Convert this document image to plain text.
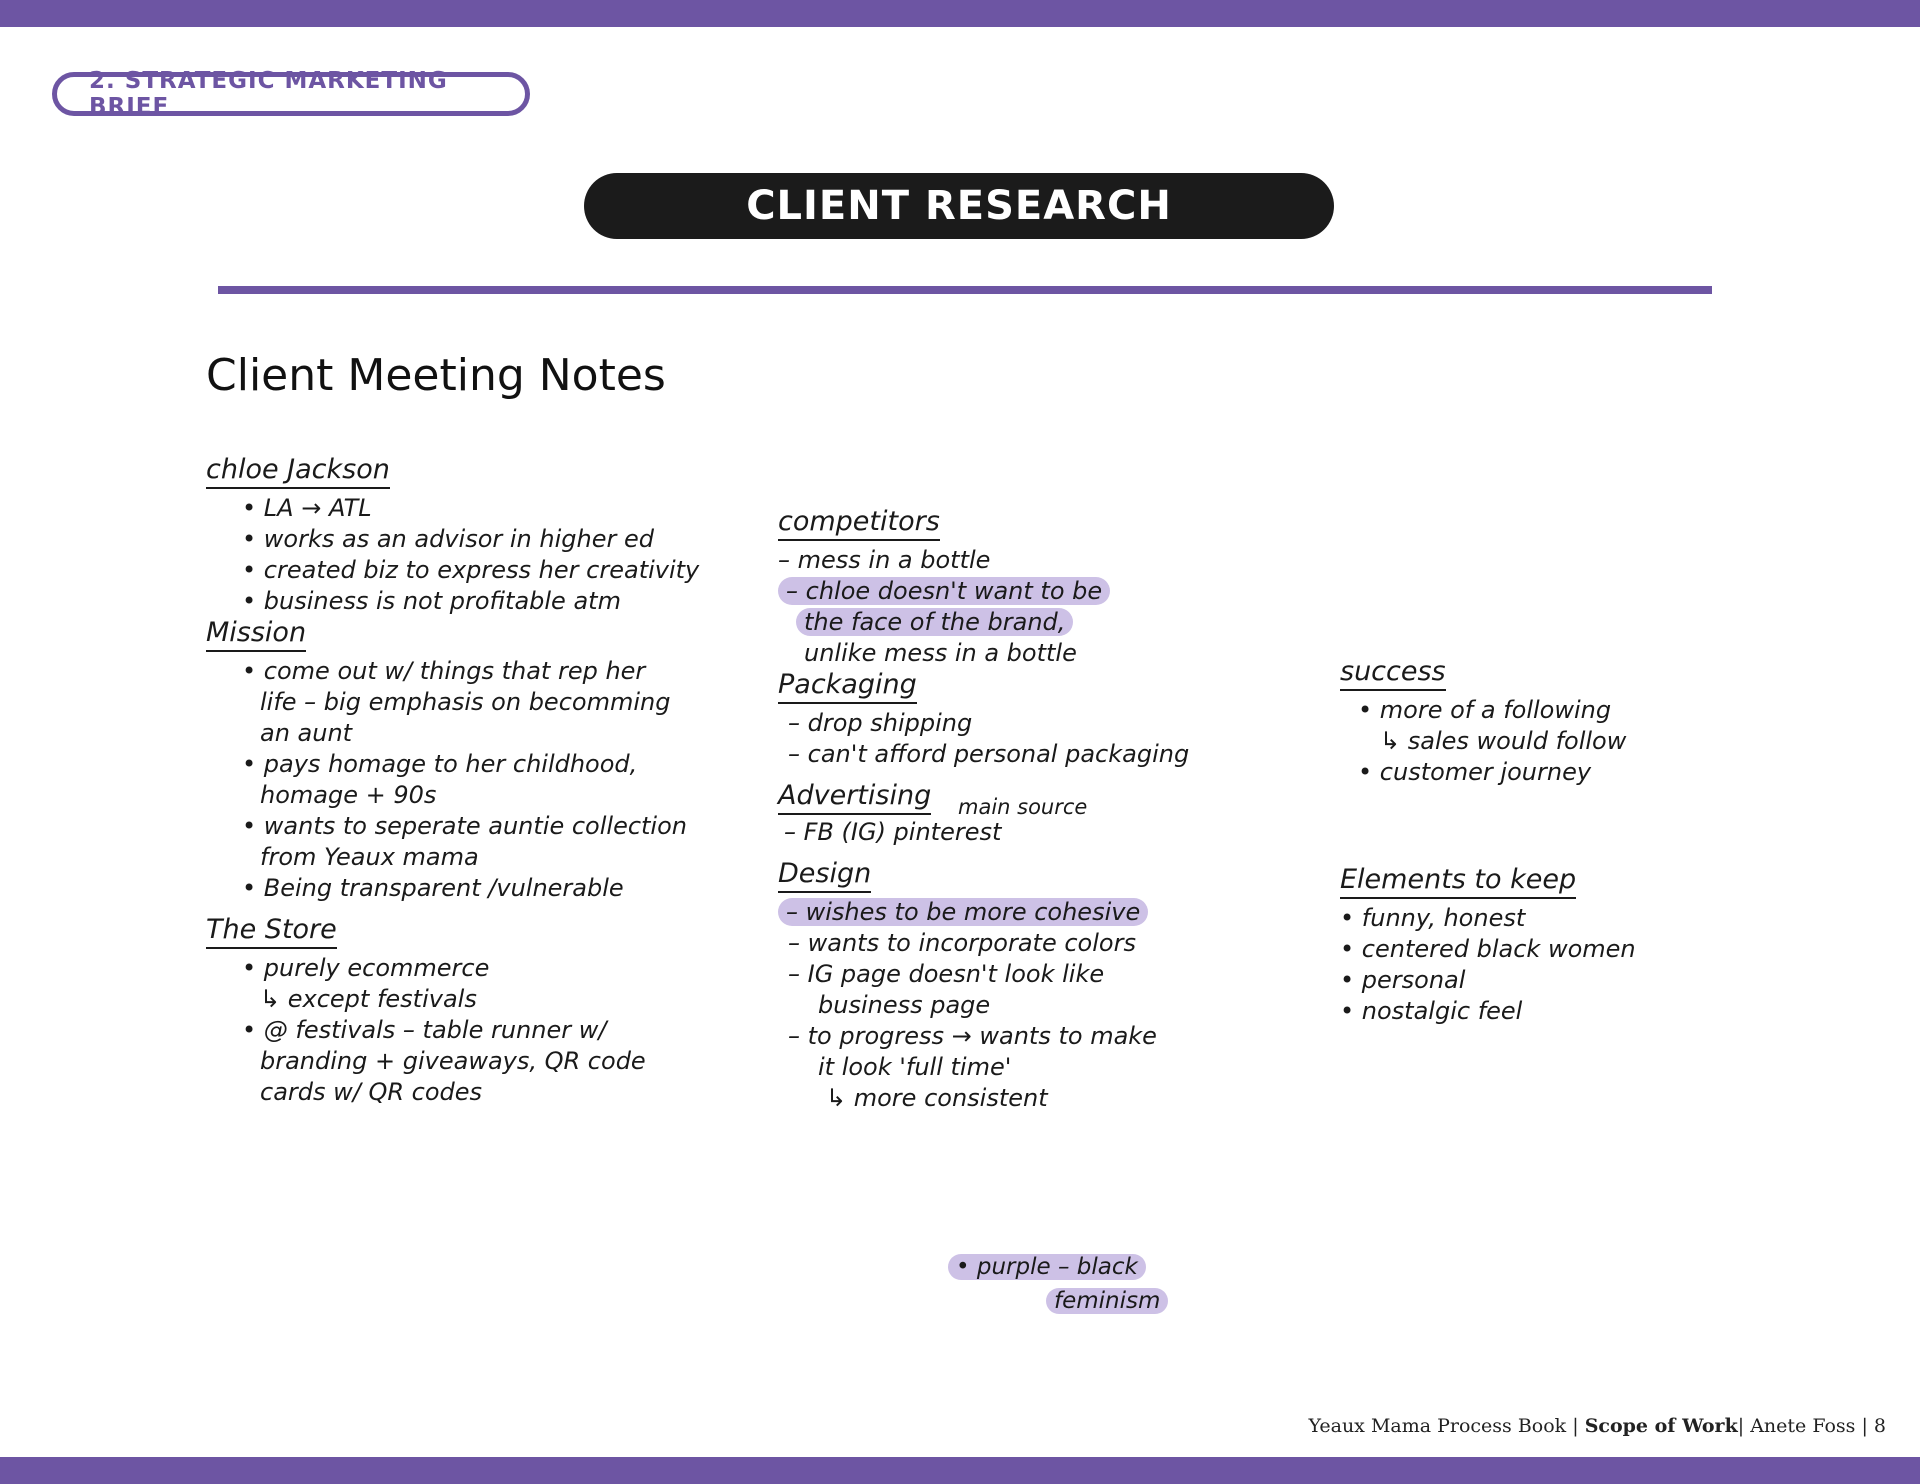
2. STRATEGIC MARKETING BRIEF
CLIENT RESEARCH
Client Meeting Notes
chloe Jackson
• LA → ATL
• works as an advisor in higher ed
• created biz to express her creativity
• business is not profitable atm
Mission
• come out w/ things that rep her
life – big emphasis on becomming
an aunt
• pays homage to her childhood,
homage + 90s
• wants to seperate auntie collection
from Yeaux mama
• Being transparent /vulnerable
The Store
• purely ecommerce
↳ except festivals
• @ festivals – table runner w/
branding + giveaways, QR code
cards w/ QR codes
competitors
– mess in a bottle
– chloe doesn't want to be
the face of the brand,
unlike mess in a bottle
Packaging
– drop shipping
– can't afford personal packaging
Advertising	main source
– FB (IG) pinterest
Design
– wishes to be more cohesive
– wants to incorporate colors
– IG page doesn't look like
business page
– to progress → wants to make
it look 'full time'
↳ more consistent
success
• more of a following
↳ sales would follow
• customer journey
Elements to keep
• funny, honest
• centered black women
• personal
• nostalgic feel
• purple – black
feminism
Yeaux Mama Process Book | Scope of Work| Anete Foss | 8
